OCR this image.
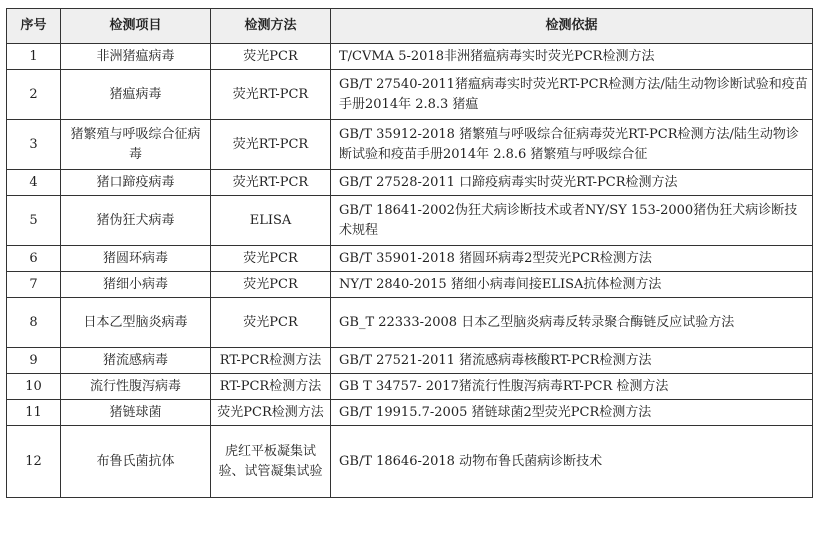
序号	检测项目	检测方法	检测依据
1	非洲猪瘟病毒	荧光PCR	T/CVMA 5-2018非洲猪瘟病毒实时荧光PCR检测方法
2	猪瘟病毒	荧光RT-PCR	GB/T 27540-2011猪瘟病毒实时荧光RT-PCR检测方法/陆生动物诊断试验和疫苗手册2014年 2.8.3 猪瘟
3	猪繁殖与呼吸综合征病毒	荧光RT-PCR	GB/T 35912-2018 猪繁殖与呼吸综合征病毒荧光RT-PCR检测方法/陆生动物诊断试验和疫苗手册2014年 2.8.6 猪繁殖与呼吸综合征
4	猪口蹄疫病毒	荧光RT-PCR	GB/T 27528-2011 口蹄疫病毒实时荧光RT-PCR检测方法
5	猪伪狂犬病毒	ELISA	GB/T 18641-2002伪狂犬病诊断技术或者NY/SY 153-2000猪伪狂犬病诊断技术规程
6	猪圆环病毒	荧光PCR	GB/T 35901-2018 猪圆环病毒2型荧光PCR检测方法
7	猪细小病毒	荧光PCR	NY/T 2840-2015 猪细小病毒间接ELISA抗体检测方法
8	日本乙型脑炎病毒	荧光PCR	GB_T 22333-2008 日本乙型脑炎病毒反转录聚合酶链反应试验方法
9	猪流感病毒	RT-PCR检测方法	GB/T 27521-2011 猪流感病毒核酸RT-PCR检测方法
10	流行性腹泻病毒	RT-PCR检测方法	GB T 34757- 2017猪流行性腹泻病毒RT-PCR 检测方法
11	猪链球菌	荧光PCR检测方法	GB/T 19915.7-2005 猪链球菌2型荧光PCR检测方法
12	布鲁氏菌抗体	虎红平板凝集试验、试管凝集试验	GB/T 18646-2018 动物布鲁氏菌病诊断技术
